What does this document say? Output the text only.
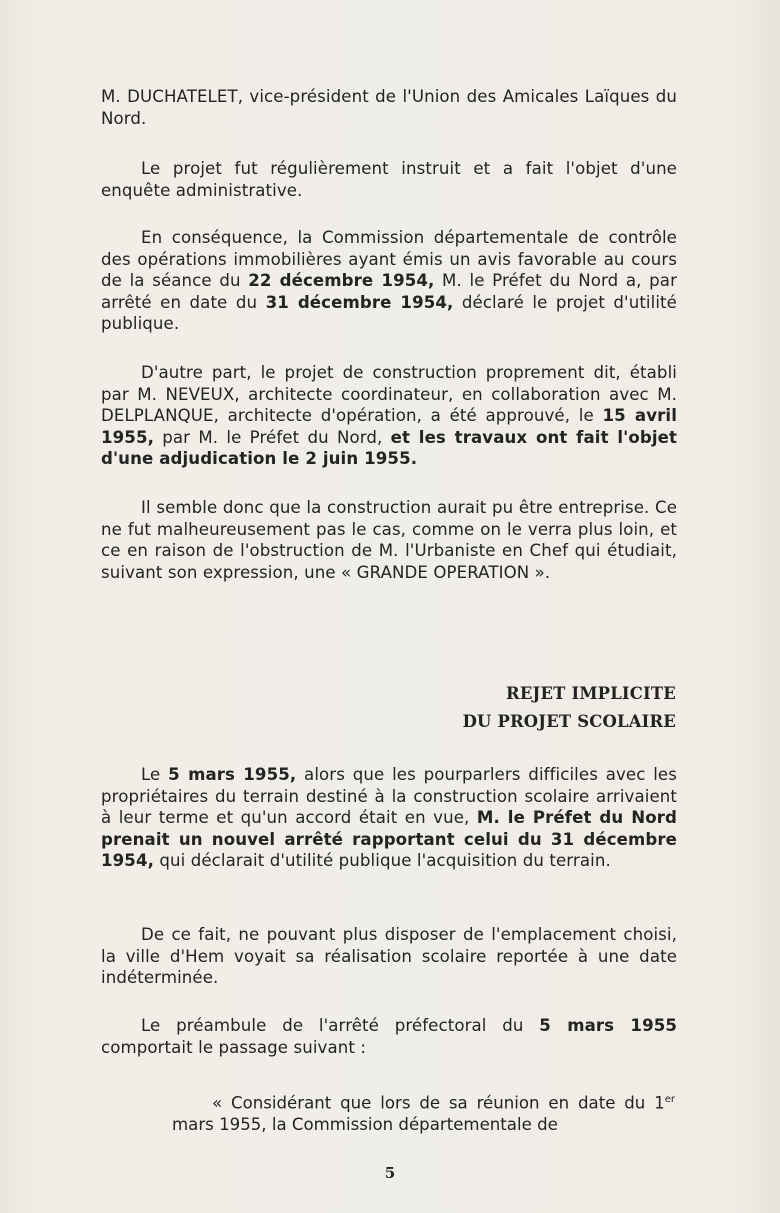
M. DUCHATELET, vice-président de l'Union des Amicales Laïques du Nord.

Le projet fut régulièrement instruit et a fait l'objet d'une enquête administrative.

En conséquence, la Commission départementale de contrôle des opérations immobilières ayant émis un avis favorable au cours de la séance du 22 décembre 1954, M. le Préfet du Nord a, par arrêté en date du 31 décembre 1954, déclaré le projet d'utilité publique.

D'autre part, le projet de construction proprement dit, établi par M. NEVEUX, architecte coordinateur, en collaboration avec M. DELPLANQUE, architecte d'opération, a été approuvé, le 15 avril 1955, par M. le Préfet du Nord, et les travaux ont fait l'objet d'une adjudication le 2 juin 1955.

Il semble donc que la construction aurait pu être entreprise. Ce ne fut malheureusement pas le cas, comme on le verra plus loin, et ce en raison de l'obstruction de M. l'Urbaniste en Chef qui étudiait, suivant son expression, une « GRANDE OPERATION ».

REJET IMPLICITE
DU PROJET SCOLAIRE

Le 5 mars 1955, alors que les pourparlers difficiles avec les propriétaires du terrain destiné à la construction scolaire arrivaient à leur terme et qu'un accord était en vue, M. le Préfet du Nord prenait un nouvel arrêté rapportant celui du 31 décembre 1954, qui déclarait d'utilité publique l'acquisition du terrain.

De ce fait, ne pouvant plus disposer de l'emplacement choisi, la ville d'Hem voyait sa réalisation scolaire reportée à une date indéterminée.

Le préambule de l'arrêté préfectoral du 5 mars 1955 comportait le passage suivant :

« Considérant que lors de sa réunion en date du 1er mars 1955, la Commission départementale de
5
